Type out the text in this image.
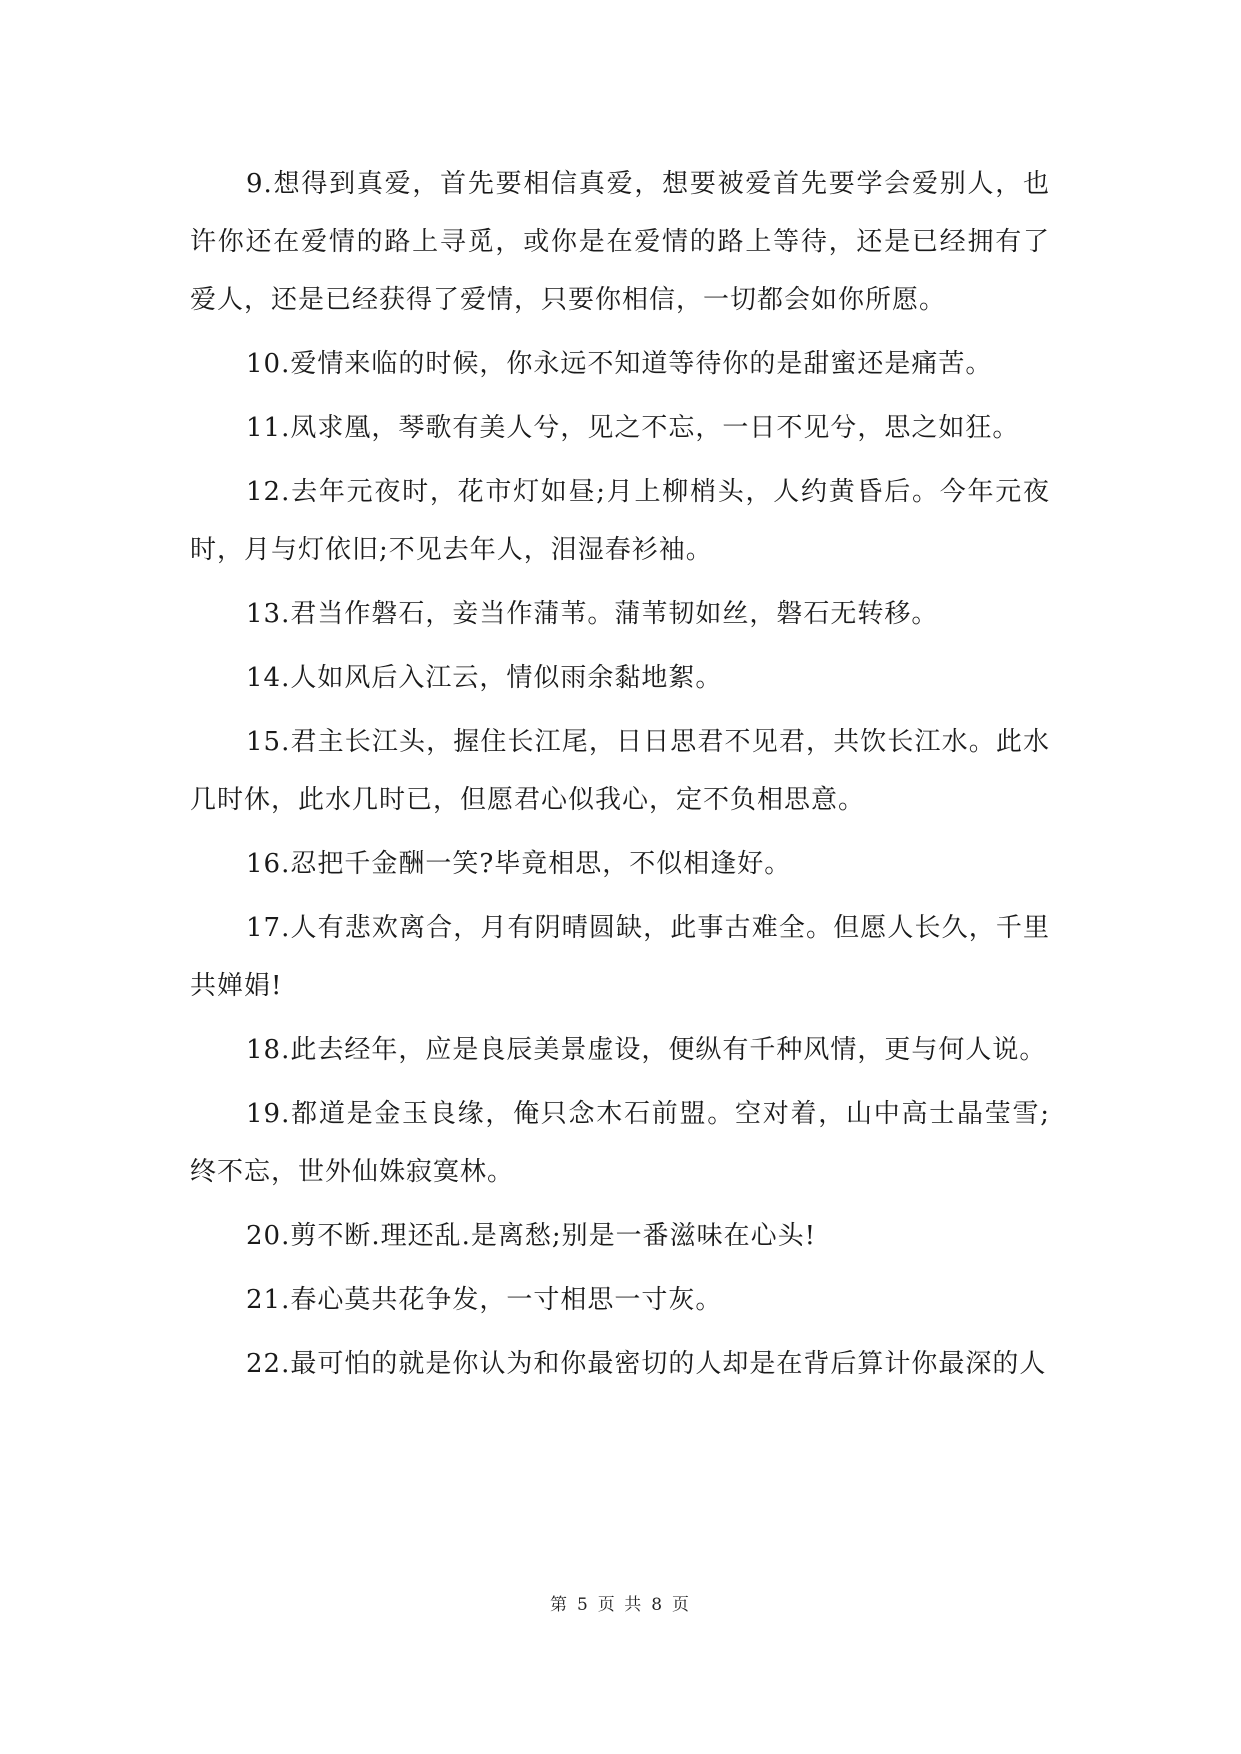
9.想得到真爱，首先要相信真爱，想要被爱首先要学会爱别人，也许你还在爱情的路上寻觅，或你是在爱情的路上等待，还是已经拥有了爱人，还是已经获得了爱情，只要你相信，一切都会如你所愿。

10.爱情来临的时候，你永远不知道等待你的是甜蜜还是痛苦。

11.凤求凰，琴歌有美人兮，见之不忘，一日不见兮，思之如狂。

12.去年元夜时，花市灯如昼;月上柳梢头，人约黄昏后。今年元夜时，月与灯依旧;不见去年人，泪湿春衫袖。

13.君当作磐石，妾当作蒲苇。蒲苇韧如丝，磐石无转移。

14.人如风后入江云，情似雨余黏地絮。

15.君主长江头，握住长江尾，日日思君不见君，共饮长江水。此水几时休，此水几时已，但愿君心似我心，定不负相思意。

16.忍把千金酬一笑?毕竟相思，不似相逢好。

17.人有悲欢离合，月有阴晴圆缺，此事古难全。但愿人长久，千里共婵娟!

18.此去经年，应是良辰美景虚设，便纵有千种风情，更与何人说。

19.都道是金玉良缘，俺只念木石前盟。空对着，山中高士晶莹雪;终不忘，世外仙姝寂寞林。

20.剪不断.理还乱.是离愁;别是一番滋味在心头!

21.春心莫共花争发，一寸相思一寸灰。

22.最可怕的就是你认为和你最密切的人却是在背后算计你最深的人

第 5 页 共 8 页
